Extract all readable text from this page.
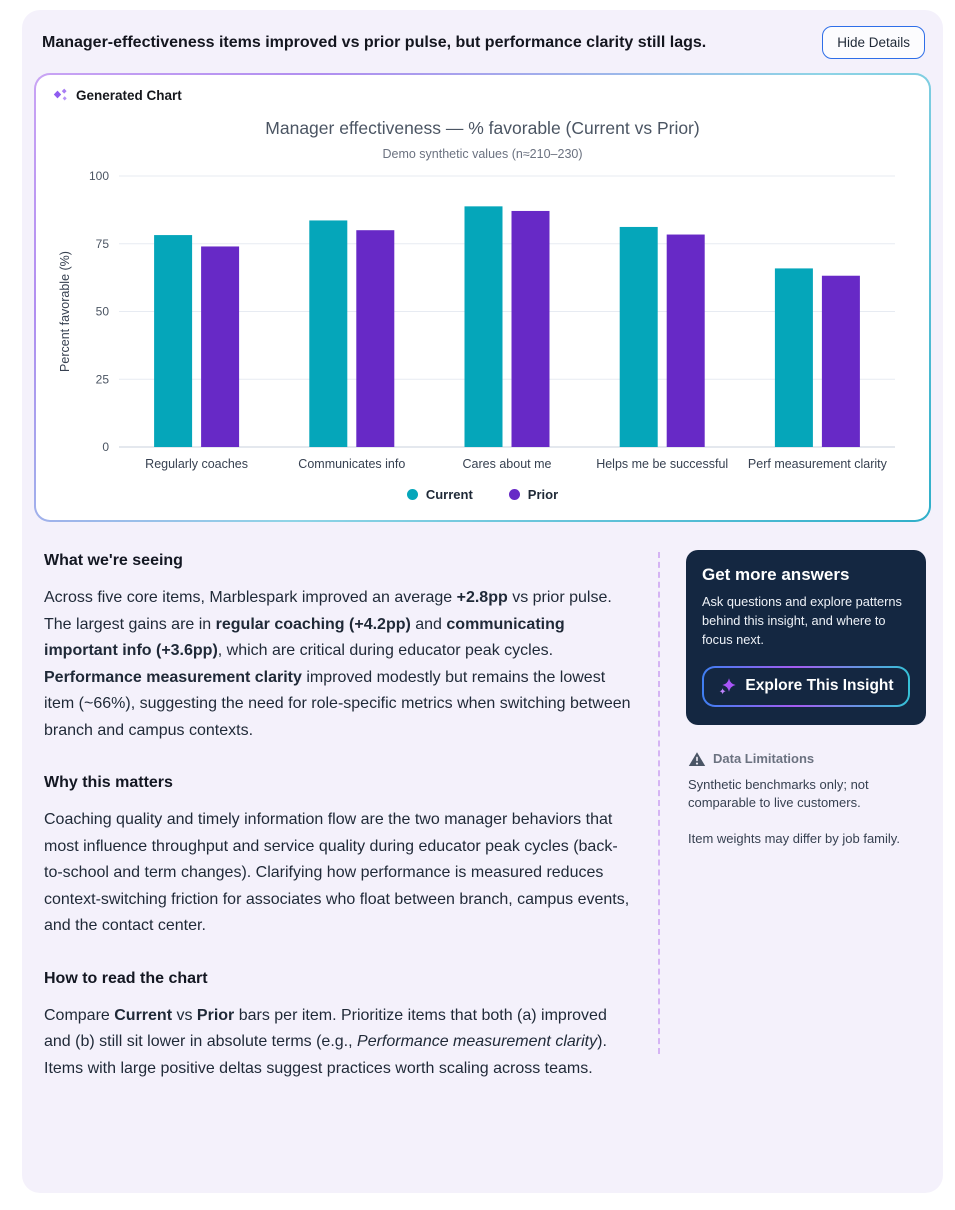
Manager-effectiveness items improved vs prior pulse, but performance clarity still lags.	Hide Details
Generated Chart
Manager effectiveness — % favorable (Current vs Prior)
Demo synthetic values (n≈210–230)
0
25
50
75
100
Percent favorable (%)
Regularly coaches	Communicates info	Cares about me	Helps me be successful Perf measurement clarity
Current	Prior
What we're seeing

Across five core items, Marblespark improved an average +2.8pp vs prior pulse. The largest gains are in regular coaching (+4.2pp) and communicating important info (+3.6pp), which are critical during educator peak cycles. Performance measurement clarity improved modestly but remains the lowest item (~66%), suggesting the need for role-specific metrics when switching between branch and campus contexts.

Why this matters

Coaching quality and timely information flow are the two manager behaviors that most influence throughput and service quality during educator peak cycles (back-to-school and term changes). Clarifying how performance is measured reduces context-switching friction for associates who float between branch, campus events, and the contact center.

How to read the chart

Compare Current vs Prior bars per item. Prioritize items that both (a) improved and (b) still sit lower in absolute terms (e.g., Performance measurement clarity). Items with large positive deltas suggest practices worth scaling across teams.

Get more answers

Ask questions and explore patterns behind this insight, and where to focus next.

Explore This Insight
Data Limitations

Synthetic benchmarks only; not comparable to live customers.

Item weights may differ by job family.
